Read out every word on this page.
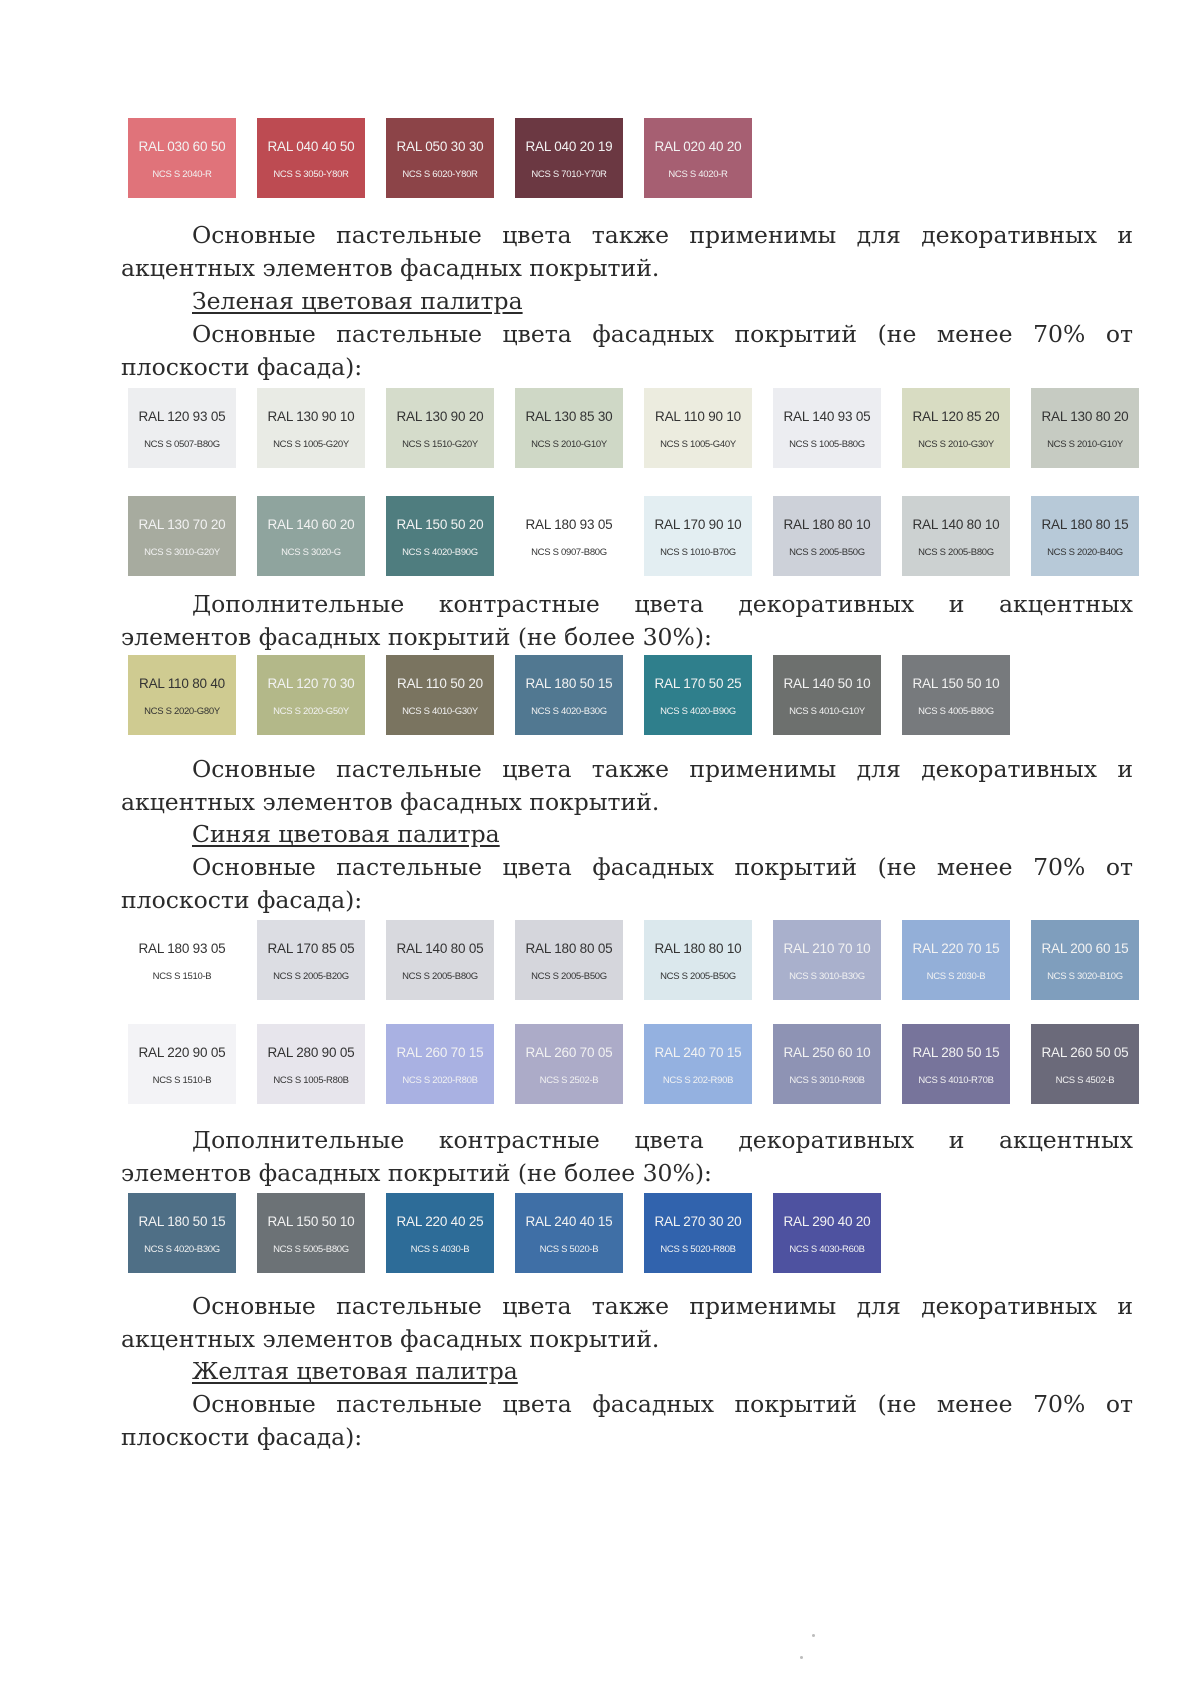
RAL 030 60 50
NCS S 2040-R
RAL 040 40 50
NCS S 3050-Y80R
RAL 050 30 30
NCS S 6020-Y80R
RAL 040 20 19
NCS S 7010-Y70R
RAL 020 40 20
NCS S 4020-R

Основные пастельные цвета также применимы для декоративных и акцентных элементов фасадных покрытий.

Зеленая цветовая палитра

Основные пастельные цвета фасадных покрытий (не менее 70% от плоскости фасада):

RAL 120 93 05
NCS S 0507-B80G
RAL 130 90 10
NCS S 1005-G20Y
RAL 130 90 20
NCS S 1510-G20Y
RAL 130 85 30
NCS S 2010-G10Y
RAL 110 90 10
NCS S 1005-G40Y
RAL 140 93 05
NCS S 1005-B80G
RAL 120 85 20
NCS S 2010-G30Y
RAL 130 80 20
NCS S 2010-G10Y
RAL 130 70 20
NCS S 3010-G20Y
RAL 140 60 20
NCS S 3020-G
RAL 150 50 20
NCS S 4020-B90G
RAL 180 93 05
NCS S 0907-B80G
RAL 170 90 10
NCS S 1010-B70G
RAL 180 80 10
NCS S 2005-B50G
RAL 140 80 10
NCS S 2005-B80G
RAL 180 80 15
NCS S 2020-B40G

Дополнительные контрастные цвета декоративных и акцентных элементов фасадных покрытий (не более 30%):

RAL 110 80 40
NCS S 2020-G80Y
RAL 120 70 30
NCS S 2020-G50Y
RAL 110 50 20
NCS S 4010-G30Y
RAL 180 50 15
NCS S 4020-B30G
RAL 170 50 25
NCS S 4020-B90G
RAL 140 50 10
NCS S 4010-G10Y
RAL 150 50 10
NCS S 4005-B80G

Основные пастельные цвета также применимы для декоративных и акцентных элементов фасадных покрытий.

Синяя цветовая палитра

Основные пастельные цвета фасадных покрытий (не менее 70% от плоскости фасада):

RAL 180 93 05
NCS S 1510-B
RAL 170 85 05
NCS S 2005-B20G
RAL 140 80 05
NCS S 2005-B80G
RAL 180 80 05
NCS S 2005-B50G
RAL 180 80 10
NCS S 2005-B50G
RAL 210 70 10
NCS S 3010-B30G
RAL 220 70 15
NCS S 2030-B
RAL 200 60 15
NCS S 3020-B10G
RAL 220 90 05
NCS S 1510-B
RAL 280 90 05
NCS S 1005-R80B
RAL 260 70 15
NCS S 2020-R80B
RAL 260 70 05
NCS S 2502-B
RAL 240 70 15
NCS S 202-R90B
RAL 250 60 10
NCS S 3010-R90B
RAL 280 50 15
NCS S 4010-R70B
RAL 260 50 05
NCS S 4502-B

Дополнительные контрастные цвета декоративных и акцентных элементов фасадных покрытий (не более 30%):

RAL 180 50 15
NCS S 4020-B30G
RAL 150 50 10
NCS S 5005-B80G
RAL 220 40 25
NCS S 4030-B
RAL 240 40 15
NCS S 5020-B
RAL 270 30 20
NCS S 5020-R80B
RAL 290 40 20
NCS S 4030-R60B

Основные пастельные цвета также применимы для декоративных и акцентных элементов фасадных покрытий.

Желтая цветовая палитра

Основные пастельные цвета фасадных покрытий (не менее 70% от плоскости фасада):
